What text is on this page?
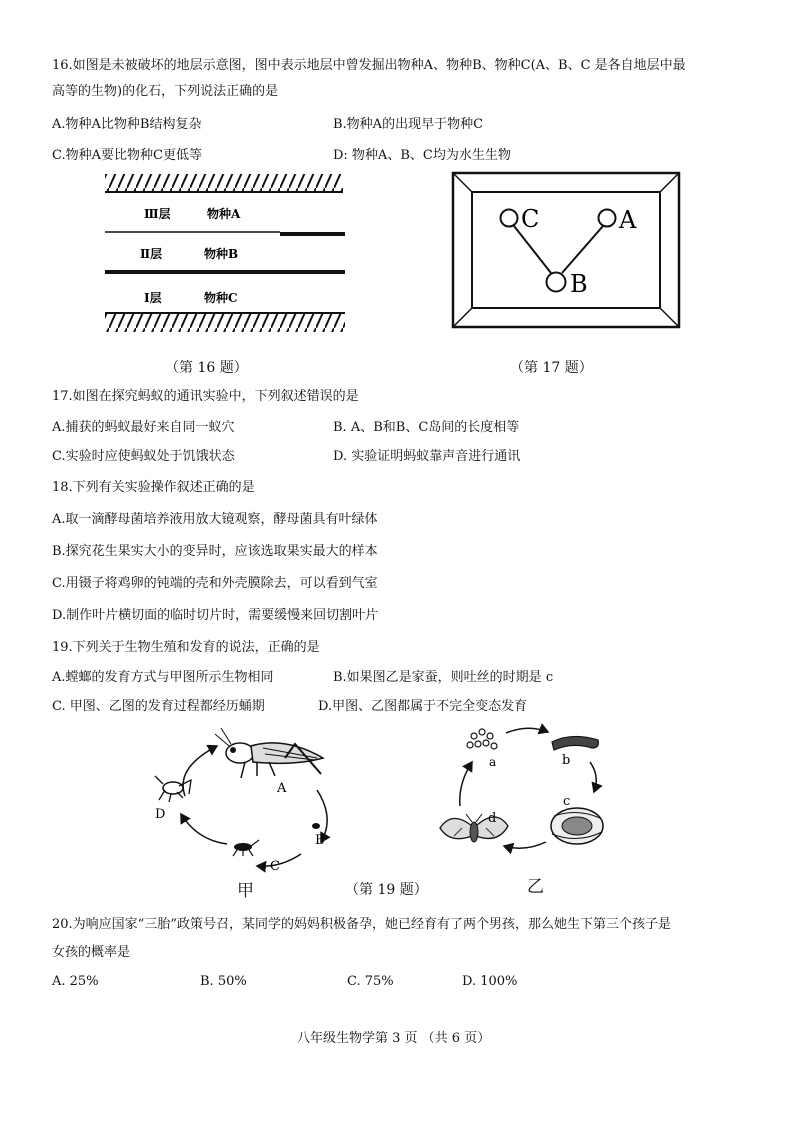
16.如图是未被破坏的地层示意图，图中表示地层中曾发掘出物种A、物种B、物种C(A、B、C 是各自地层中最
高等的生物)的化石，下列说法正确的是
A.物种A比物种B结构复杂	B.物种A的出现早于物种C
C.物种A要比物种C更低等	D: 物种A、B、C均为水生生物
Ⅲ层	物种A
Ⅱ层	物种B
Ⅰ层	物种C
（第 16 题）
C	A
B
（第 17 题）
17.如图在探究蚂蚁的通讯实验中，下列叙述错误的是
A.捕获的蚂蚁最好来自同一蚁穴	B. A、B和B、C岛间的长度相等
C.实验时应使蚂蚁处于饥饿状态	D. 实验证明蚂蚁靠声音进行通讯
18.下列有关实验操作叙述正确的是
A.取一滴酵母菌培养液用放大镜观察，酵母菌具有叶绿体
B.探究花生果实大小的变异时，应该选取果实最大的样本
C.用镊子将鸡卵的钝端的壳和外壳膜除去，可以看到气室
D.制作叶片横切面的临时切片时，需要缓慢来回切割叶片
19.下列关于生物生殖和发育的说法，正确的是
A.螳螂的发育方式与甲图所示生物相同	B.如果图乙是家蚕，则吐丝的时期是 c
C. 甲图、乙图的发育过程都经历蛹期	D.甲图、乙图都属于不完全变态发育
A
B
C
D
甲
a	b
c
d
（第 19 题）	乙
20.为响应国家“三胎”政策号召，某同学的妈妈积极备孕，她已经育有了两个男孩，那么她生下第三个孩子是
女孩的概率是
A. 25%	B. 50%	C. 75%	D. 100%
八年级生物学第 3 页 （共 6 页）
